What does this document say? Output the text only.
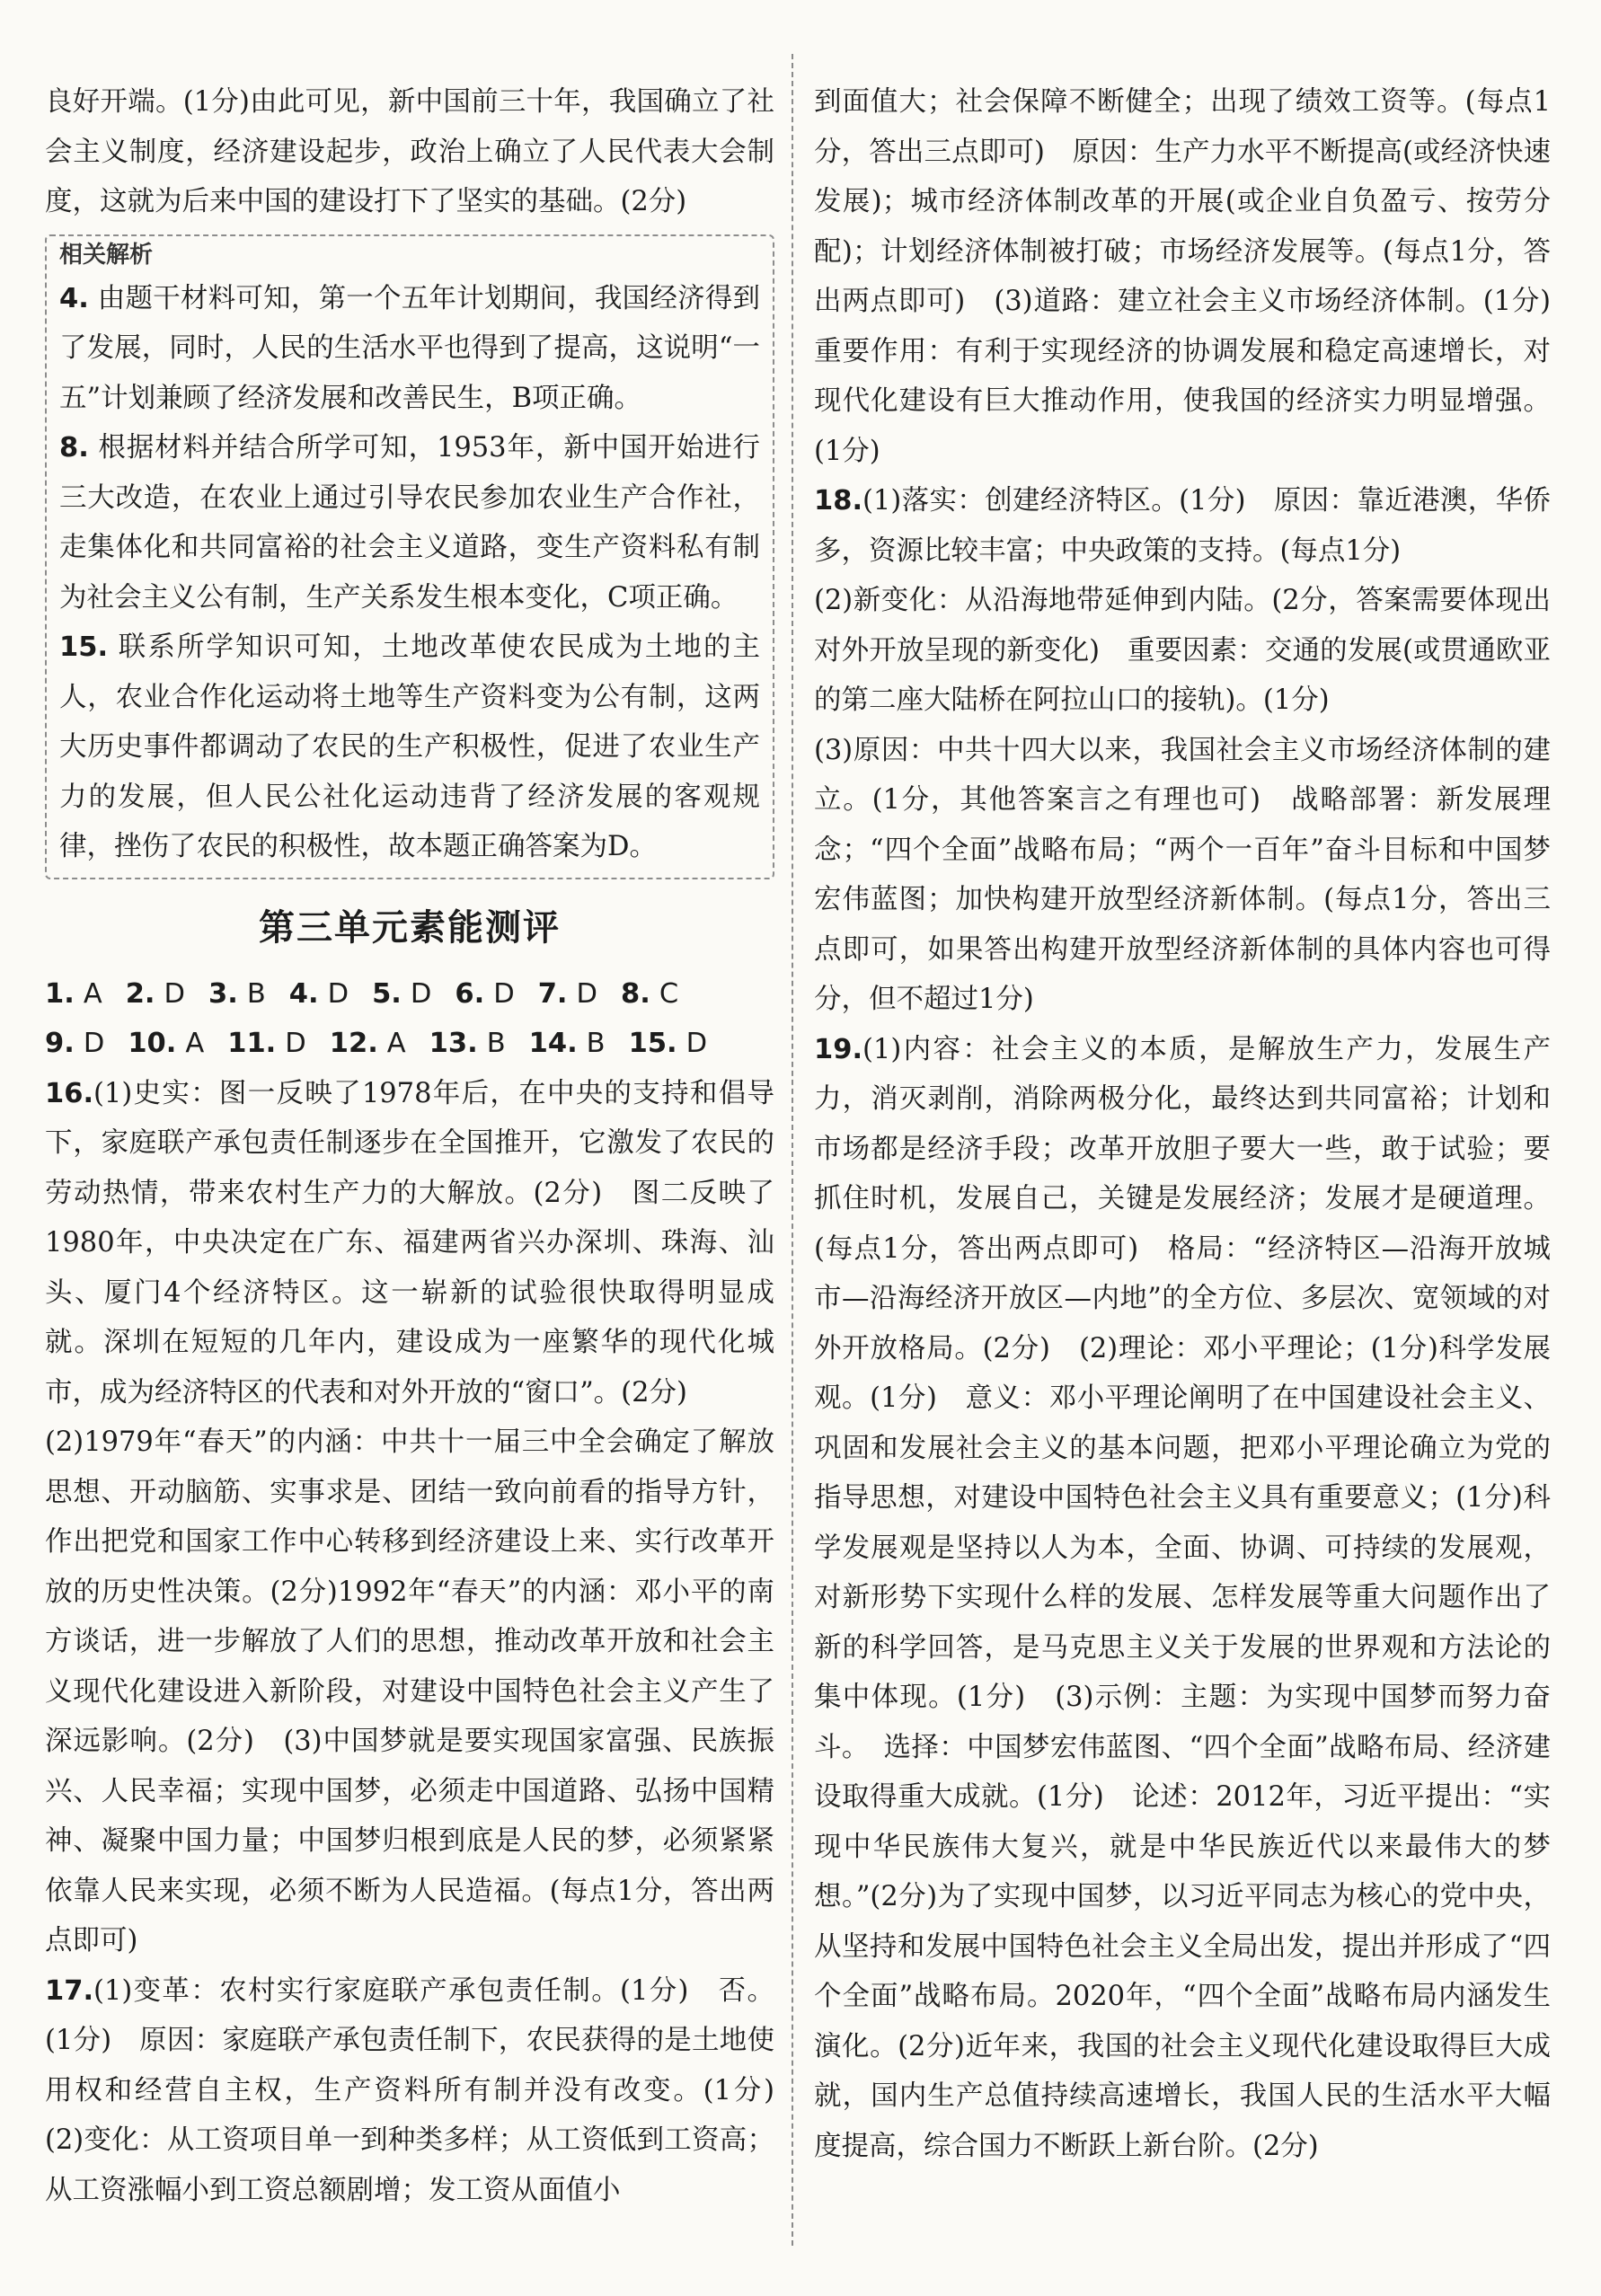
良好开端。(1分)由此可见，新中国前三十年，我国确立了社会主义制度，经济建设起步，政治上确立了人民代表大会制度，这就为后来中国的建设打下了坚实的基础。(2分)

相关解析

4. 由题干材料可知，第一个五年计划期间，我国经济得到了发展，同时，人民的生活水平也得到了提高，这说明“一五”计划兼顾了经济发展和改善民生，B项正确。

8. 根据材料并结合所学可知，1953年，新中国开始进行三大改造，在农业上通过引导农民参加农业生产合作社，走集体化和共同富裕的社会主义道路，变生产资料私有制为社会主义公有制，生产关系发生根本变化，C项正确。

15. 联系所学知识可知，土地改革使农民成为土地的主人，农业合作化运动将土地等生产资料变为公有制，这两大历史事件都调动了农民的生产积极性，促进了农业生产力的发展，但人民公社化运动违背了经济发展的客观规律，挫伤了农民的积极性，故本题正确答案为D。

第三单元素能测评
1. A 2. D 3. B 4. D 5. D 6. D 7. D 8. C
9. D 10. A 11. D 12. A 13. B 14. B 15. D

16.(1)史实：图一反映了1978年后，在中央的支持和倡导下，家庭联产承包责任制逐步在全国推开，它激发了农民的劳动热情，带来农村生产力的大解放。(2分)　图二反映了1980年，中央决定在广东、福建两省兴办深圳、珠海、汕头、厦门4个经济特区。这一崭新的试验很快取得明显成就。深圳在短短的几年内，建设成为一座繁华的现代化城市，成为经济特区的代表和对外开放的“窗口”。(2分)

(2)1979年“春天”的内涵：中共十一届三中全会确定了解放思想、开动脑筋、实事求是、团结一致向前看的指导方针，作出把党和国家工作中心转移到经济建设上来、实行改革开放的历史性决策。(2分)1992年“春天”的内涵：邓小平的南方谈话，进一步解放了人们的思想，推动改革开放和社会主义现代化建设进入新阶段，对建设中国特色社会主义产生了深远影响。(2分)　(3)中国梦就是要实现国家富强、民族振兴、人民幸福；实现中国梦，必须走中国道路、弘扬中国精神、凝聚中国力量；中国梦归根到底是人民的梦，必须紧紧依靠人民来实现，必须不断为人民造福。(每点1分，答出两点即可)

17.(1)变革：农村实行家庭联产承包责任制。(1分)　否。(1分)　原因：家庭联产承包责任制下，农民获得的是土地使用权和经营自主权，生产资料所有制并没有改变。(1分)　(2)变化：从工资项目单一到种类多样；从工资低到工资高；从工资涨幅小到工资总额剧增；发工资从面值小

到面值大；社会保障不断健全；出现了绩效工资等。(每点1分，答出三点即可)　原因：生产力水平不断提高(或经济快速发展)；城市经济体制改革的开展(或企业自负盈亏、按劳分配)；计划经济体制被打破；市场经济发展等。(每点1分，答出两点即可)　(3)道路：建立社会主义市场经济体制。(1分)　重要作用：有利于实现经济的协调发展和稳定高速增长，对现代化建设有巨大推动作用，使我国的经济实力明显增强。(1分)

18.(1)落实：创建经济特区。(1分)　原因：靠近港澳，华侨多，资源比较丰富；中央政策的支持。(每点1分)

(2)新变化：从沿海地带延伸到内陆。(2分，答案需要体现出对外开放呈现的新变化)　重要因素：交通的发展(或贯通欧亚的第二座大陆桥在阿拉山口的接轨)。(1分)

(3)原因：中共十四大以来，我国社会主义市场经济体制的建立。(1分，其他答案言之有理也可)　战略部署：新发展理念；“四个全面”战略布局；“两个一百年”奋斗目标和中国梦宏伟蓝图；加快构建开放型经济新体制。(每点1分，答出三点即可，如果答出构建开放型经济新体制的具体内容也可得分，但不超过1分)

19.(1)内容：社会主义的本质，是解放生产力，发展生产力，消灭剥削，消除两极分化，最终达到共同富裕；计划和市场都是经济手段；改革开放胆子要大一些，敢于试验；要抓住时机，发展自己，关键是发展经济；发展才是硬道理。(每点1分，答出两点即可)　格局：“经济特区—沿海开放城市—沿海经济开放区—内地”的全方位、多层次、宽领域的对外开放格局。(2分)　(2)理论：邓小平理论；(1分)科学发展观。(1分)　意义：邓小平理论阐明了在中国建设社会主义、巩固和发展社会主义的基本问题，把邓小平理论确立为党的指导思想，对建设中国特色社会主义具有重要意义；(1分)科学发展观是坚持以人为本，全面、协调、可持续的发展观，对新形势下实现什么样的发展、怎样发展等重大问题作出了新的科学回答，是马克思主义关于发展的世界观和方法论的集中体现。(1分)　(3)示例：主题：为实现中国梦而努力奋斗。　选择：中国梦宏伟蓝图、“四个全面”战略布局、经济建设取得重大成就。(1分)　论述：2012年，习近平提出：“实现中华民族伟大复兴，就是中华民族近代以来最伟大的梦想。”(2分)为了实现中国梦，以习近平同志为核心的党中央，从坚持和发展中国特色社会主义全局出发，提出并形成了“四个全面”战略布局。2020年，“四个全面”战略布局内涵发生演化。(2分)近年来，我国的社会主义现代化建设取得巨大成就，国内生产总值持续高速增长，我国人民的生活水平大幅度提高，综合国力不断跃上新台阶。(2分)
